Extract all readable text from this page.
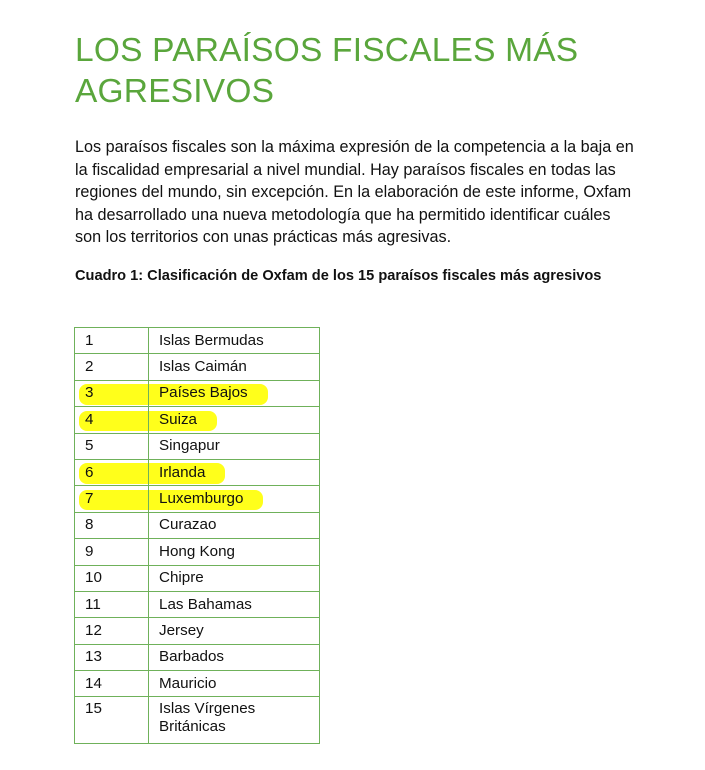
LOS PARAÍSOS FISCALES MÁS AGRESIVOS

Los paraísos fiscales son la máxima expresión de la competencia a la baja en la fiscalidad empresarial a nivel mundial. Hay paraísos fiscales en todas las regiones del mundo, sin excepción. En la elaboración de este informe, Oxfam ha desarrollado una nueva metodología que ha permitido identificar cuáles son los territorios con unas prácticas más agresivas.

Cuadro 1: Clasificación de Oxfam de los 15 paraísos fiscales más agresivos

1	Islas Bermudas
2	Islas Caimán
3	Países Bajos
4	Suiza
5	Singapur
6	Irlanda
7	Luxemburgo
8	Curazao
9	Hong Kong
10	Chipre
11	Las Bahamas
12	Jersey
13	Barbados
14	Mauricio
15	Islas Vírgenes Británicas
